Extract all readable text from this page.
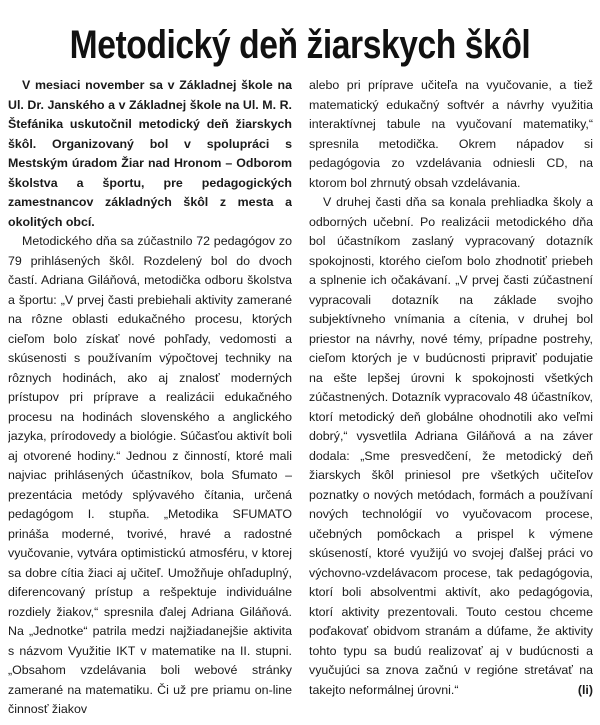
Metodický deň žiarskych škôl

V mesiaci november sa v Základnej škole na Ul. Dr. Janského a v Základnej škole na Ul. M. R. Štefánika uskutočnil metodický deň žiarskych škôl. Organizovaný bol v spolupráci s Mestským úradom Žiar nad Hronom – Odborom školstva a športu, pre pedagogických zamestnancov základných škôl z mesta a okolitých obcí.

Metodického dňa sa zúčastnilo 72 pedagógov zo 79 prihlásených škôl. Rozdelený bol do dvoch častí. Adriana Giláňová, metodička odboru školstva a športu: „V prvej časti prebiehali aktivity zamerané na rôzne oblasti edukačného procesu, ktorých cieľom bolo získať nové pohľady, vedomosti a skúsenosti s používaním výpočtovej techniky na rôznych hodinách, ako aj znalosť moderných prístupov pri príprave a realizácii edukačného procesu na hodinách slovenského a anglického jazyka, prírodovedy a biológie. Súčasťou aktivít boli aj otvorené hodiny.“ Jednou z činností, ktoré mali najviac prihlásených účastníkov, bola Sfumato – prezentácia metódy splývavého čítania, určená pedagógom I. stupňa. „Metodika SFUMATO prináša moderné, tvorivé, hravé a radostné vyučovanie, vytvára optimistickú atmosféru, v ktorej sa dobre cítia žiaci aj učiteľ. Umožňuje ohľaduplný, diferencovaný prístup a rešpektuje individuálne rozdiely žiakov,“ spresnila ďalej Adriana Giláňová. Na „Jednotke“ patrila medzi najžiadanejšie aktivita s názvom Využitie IKT v matematike na II. stupni. „Obsahom vzdelávania boli webové stránky zamerané na matematiku. Či už pre priamu on-line činnosť žiakov

alebo pri príprave učiteľa na vyučovanie, a tiež matematický edukačný softvér a návrhy využitia interaktívnej tabule na vyučovaní matematiky,“ spresnila metodička. Okrem nápadov si pedagógovia zo vzdelávania odniesli CD, na ktorom bol zhrnutý obsah vzdelávania.

V druhej časti dňa sa konala prehliadka školy a odborných učební. Po realizácii metodického dňa bol účastníkom zaslaný vypracovaný dotazník spokojnosti, ktorého cieľom bolo zhodnotiť priebeh a splnenie ich očakávaní. „V prvej časti zúčastnení vypracovali dotazník na základe svojho subjektívneho vnímania a cítenia, v druhej bol priestor na návrhy, nové témy, prípadne postrehy, cieľom ktorých je v budúcnosti pripraviť podujatie na ešte lepšej úrovni k spokojnosti všetkých zúčastnených. Dotazník vypracovalo 48 účastníkov, ktorí metodický deň globálne ohodnotili ako veľmi dobrý,“ vysvetlila Adriana Giláňová a na záver dodala: „Sme presvedčení, že metodický deň žiarskych škôl priniesol pre všetkých učiteľov poznatky o nových metódach, formách a používaní nových technológií vo vyučovacom procese, učebných pomôckach a prispel k výmene skúseností, ktoré využijú vo svojej ďalšej práci vo výchovno-vzdelávacom procese, tak pedagógovia, ktorí boli absolventmi aktivít, ako pedagógovia, ktorí aktivity prezentovali. Touto cestou chceme poďakovať obidvom stranám a dúfame, že aktivity tohto typu sa budú realizovať aj v budúcnosti a vyučujúci sa znova začnú v regióne stretávať na takejto neformálnej úrovni.“	(li)
